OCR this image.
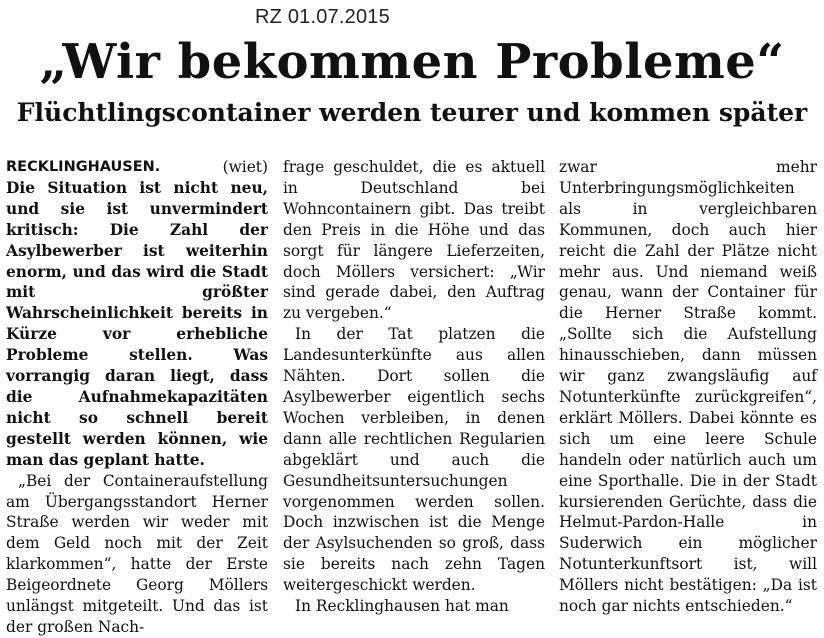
RZ 01.07.2015
„Wir bekommen Probleme“
Flüchtlingscontainer werden teurer und kommen später
RECKLINGHAUSEN.	(wiet)

Die Situation ist nicht neu, und sie ist unvermindert kritisch: Die Zahl der Asylbewerber ist weiterhin enorm, und das wird die Stadt mit größter Wahrscheinlichkeit bereits in Kürze vor erhebliche Probleme stellen. Was vorrangig daran liegt, dass die Aufnahmekapazitäten nicht so schnell bereit gestellt werden können, wie man das geplant hatte.

„Bei der Containeraufstellung am Übergangsstandort Herner Straße werden wir weder mit dem Geld noch mit der Zeit klarkommen“, hatte der Erste Beigeordnete Georg Möllers unlängst mitgeteilt. Und das ist der großen Nach-

frage geschuldet, die es aktuell in Deutschland bei Wohncontainern gibt. Das treibt den Preis in die Höhe und das sorgt für längere Lieferzeiten, doch Möllers versichert: „Wir sind gerade dabei, den Auftrag zu vergeben.“

In der Tat platzen die Landesunterkünfte aus allen Nähten. Dort sollen die Asylbewerber eigentlich sechs Wochen verbleiben, in denen dann alle rechtlichen Regularien abgeklärt und auch die Gesundheitsuntersuchungen vorgenommen werden sollen. Doch inzwischen ist die Menge der Asylsuchenden so groß, dass sie bereits nach zehn Tagen weitergeschickt werden.

In Recklinghausen hat man

zwar mehr Unterbringungsmöglichkeiten als in vergleichbaren Kommunen, doch auch hier reicht die Zahl der Plätze nicht mehr aus. Und niemand weiß genau, wann der Container für die Herner Straße kommt. „Sollte sich die Aufstellung hinausschieben, dann müssen wir ganz zwangsläufig auf Notunterkünfte zurückgreifen“, erklärt Möllers. Dabei könnte es sich um eine leere Schule handeln oder natürlich auch um eine Sporthalle. Die in der Stadt kursierenden Gerüchte, dass die Helmut-Pardon-Halle in Suderwich ein möglicher Notunterkunftsort ist, will Möllers nicht bestätigen: „Da ist noch gar nichts entschieden.“
